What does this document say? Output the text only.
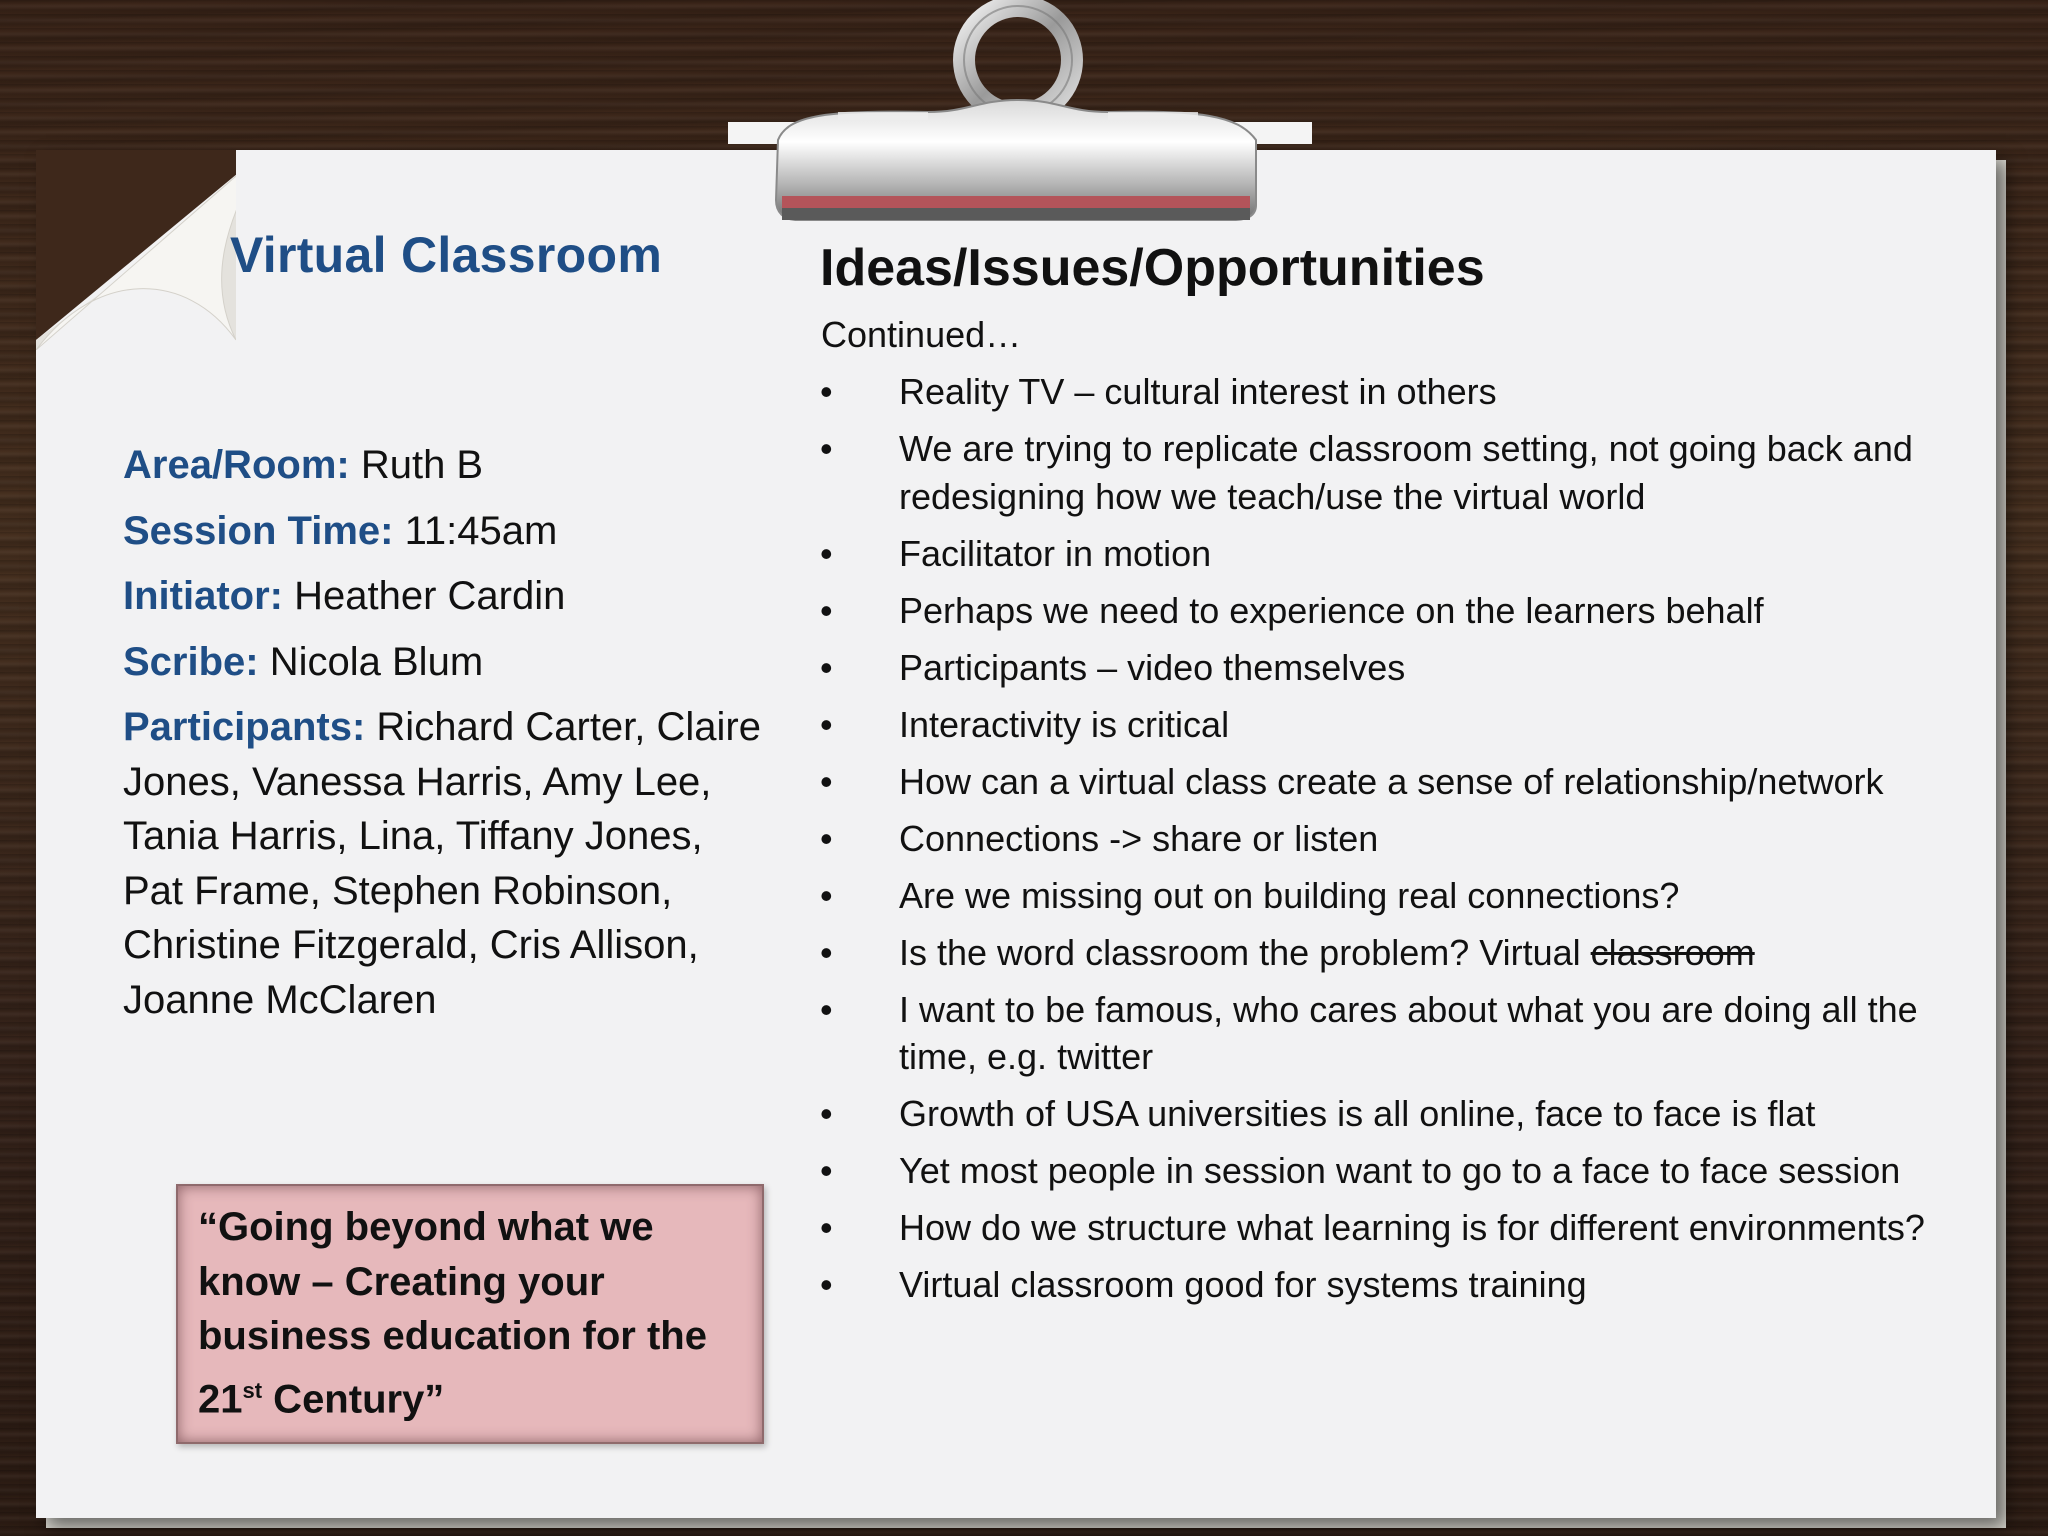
Virtual Classroom
Area/Room: Ruth B
Session Time: 11:45am
Initiator: Heather Cardin
Scribe: Nicola Blum
Participants: Richard Carter, Claire Jones, Vanessa Harris, Amy Lee, Tania Harris, Lina, Tiffany Jones, Pat Frame, Stephen Robinson, Christine Fitzgerald, Cris Allison, Joanne McClaren

“Going beyond what we know – Creating your business education for the 21st Century”

Ideas/Issues/Opportunities
Continued…
• Reality TV – cultural interest in others
• We are trying to replicate classroom setting, not going back and redesigning how we teach/use the virtual world
• Facilitator in motion
• Perhaps we need to experience on the learners behalf
• Participants – video themselves
• Interactivity is critical
• How can a virtual class create a sense of relationship/network
• Connections -> share or listen
• Are we missing out on building real connections?
• Is the word classroom the problem? Virtual classroom
• I want to be famous, who cares about what you are doing all the time, e.g. twitter
• Growth of USA universities is all online, face to face is flat
• Yet most people in session want to go to a face to face session
• How do we structure what learning is for different environments?
• Virtual classroom good for systems training
